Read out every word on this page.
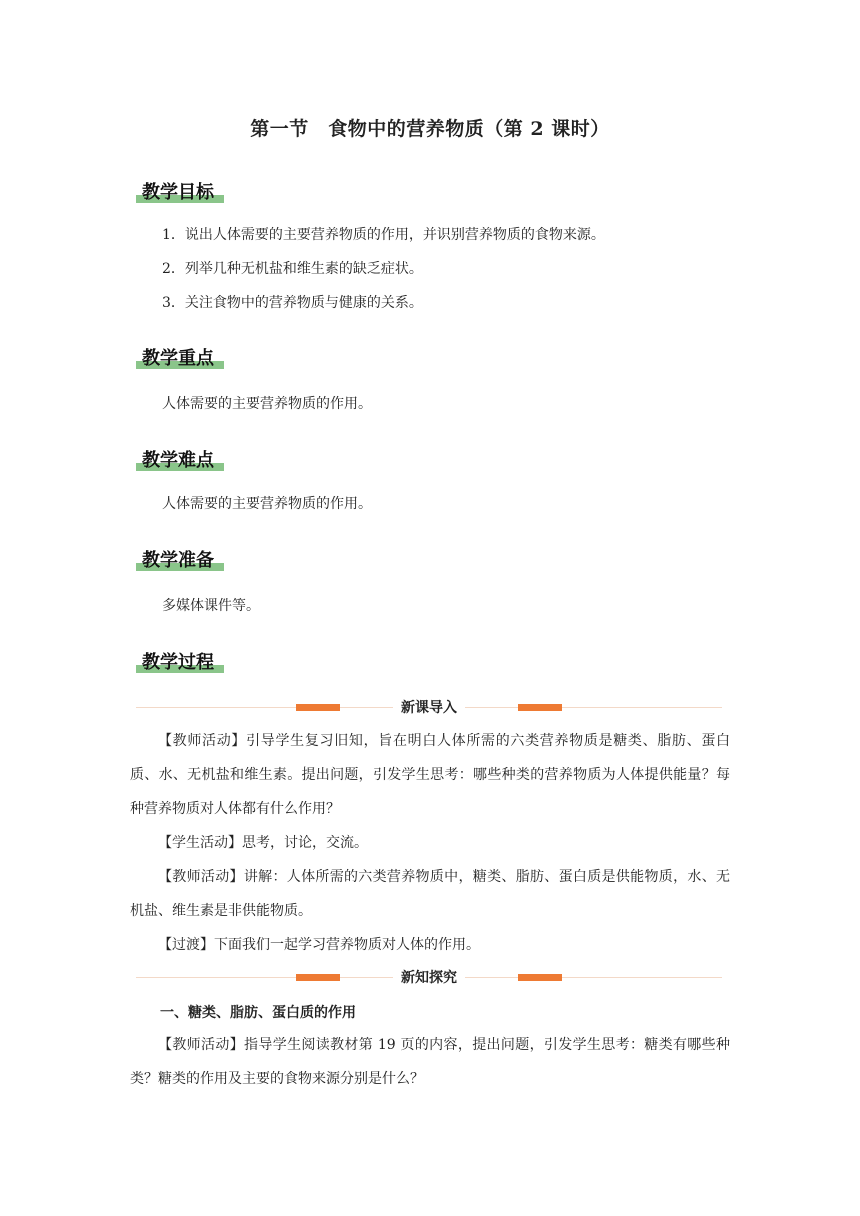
第一节　食物中的营养物质（第 2 课时）
教学目标
1．说出人体需要的主要营养物质的作用，并识别营养物质的食物来源。
2．列举几种无机盐和维生素的缺乏症状。
3．关注食物中的营养物质与健康的关系。
教学重点
人体需要的主要营养物质的作用。
教学难点
人体需要的主要营养物质的作用。
教学准备
多媒体课件等。
教学过程
新课导入
【教师活动】引导学生复习旧知，旨在明白人体所需的六类营养物质是糖类、脂肪、蛋白质、水、无机盐和维生素。提出问题，引发学生思考：哪些种类的营养物质为人体提供能量？每种营养物质对人体都有什么作用？
【学生活动】思考，讨论，交流。
【教师活动】讲解：人体所需的六类营养物质中，糖类、脂肪、蛋白质是供能物质，水、无机盐、维生素是非供能物质。
【过渡】下面我们一起学习营养物质对人体的作用。
新知探究
一、糖类、脂肪、蛋白质的作用
【教师活动】指导学生阅读教材第 19 页的内容，提出问题，引发学生思考：糖类有哪些种类？糖类的作用及主要的食物来源分别是什么？
